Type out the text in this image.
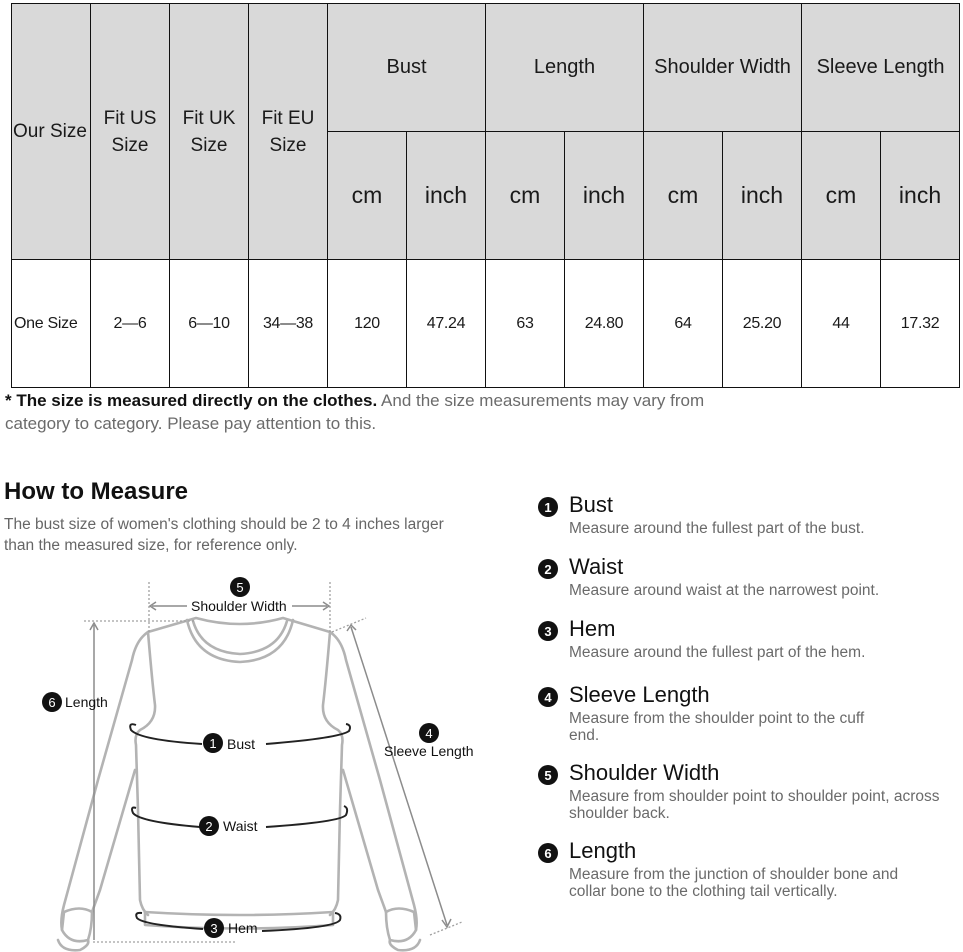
Our Size	Fit US Size	Fit UK Size	Fit EU Size	Bust		Length		Shoulder Width		Sleeve Length	
				cm	inch	cm	inch	cm	inch	cm	inch
One Size	2—6	6—10	34—38	120	47.24	63	24.80	64	25.20	44	17.32

* The size is measured directly on the clothes. And the size measurements may vary from category to category. Please pay attention to this.

How to Measure

The bust size of women's clothing should be 2 to 4 inches larger than the measured size, for reference only.

5
Shoulder Width
6 Length
1 Bust
4
Sleeve Length
2 Waist
3 Hem
1 Bust
Measure around the fullest part of the bust.
2 Waist
Measure around waist at the narrowest point.
3 Hem
Measure around the fullest part of the hem.
4 Sleeve Length
Measure from the shoulder point to the cuff end.
5 Shoulder Width
Measure from shoulder point to shoulder point, across shoulder back.
6 Length
Measure from the junction of shoulder bone and collar bone to the clothing tail vertically.
